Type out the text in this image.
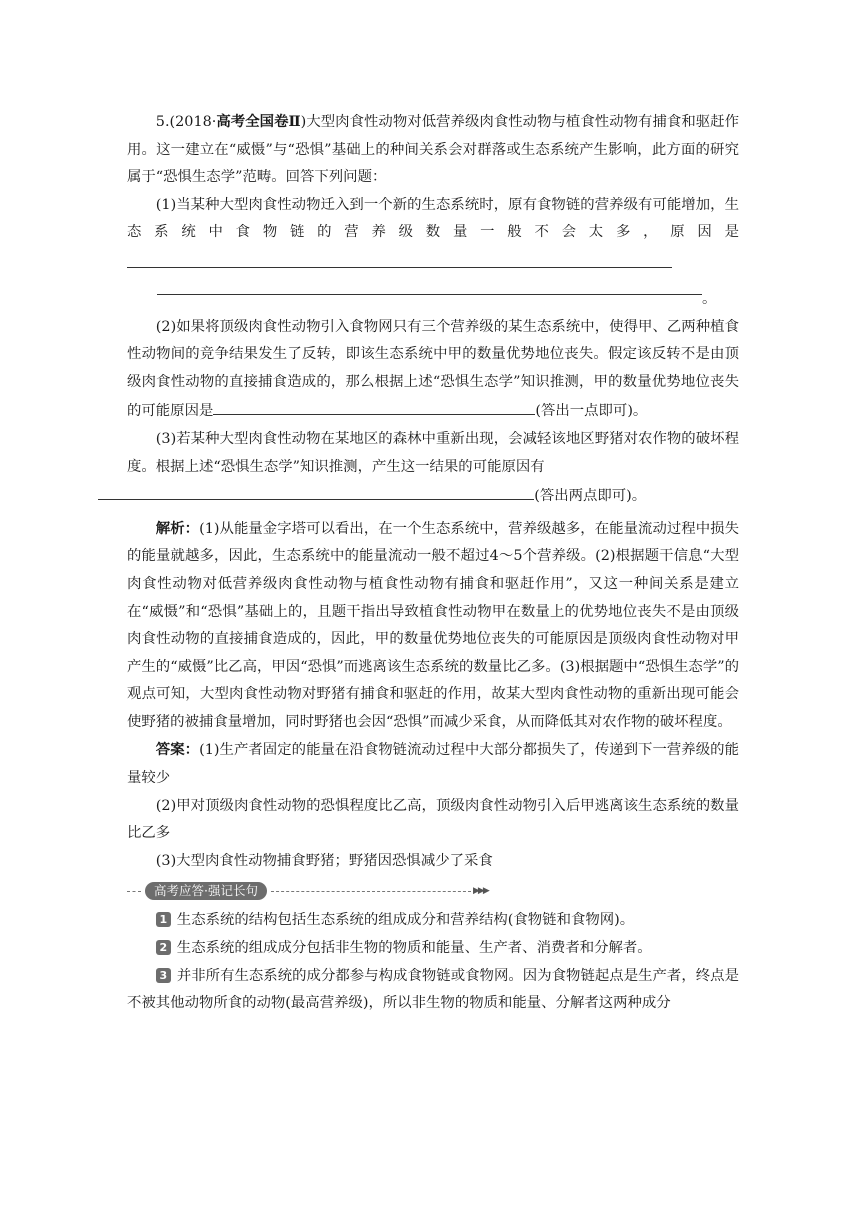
5.(2018·高考全国卷Ⅱ)大型肉食性动物对低营养级肉食性动物与植食性动物有捕食和驱赶作用。这一建立在“威慑”与“恐惧”基础上的种间关系会对群落或生态系统产生影响，此方面的研究属于“恐惧生态学”范畴。回答下列问题：

(1)当某种大型肉食性动物迁入到一个新的生态系统时，原有食物链的营养级有可能增加，生态系统中食物链的营养级数量一般不会太多，原因是

。

(2)如果将顶级肉食性动物引入食物网只有三个营养级的某生态系统中，使得甲、乙两种植食性动物间的竞争结果发生了反转，即该生态系统中甲的数量优势地位丧失。假定该反转不是由顶级肉食性动物的直接捕食造成的，那么根据上述“恐惧生态学”知识推测，甲的数量优势地位丧失的可能原因是	(答出一点即可)。

(3)若某种大型肉食性动物在某地区的森林中重新出现，会减轻该地区野猪对农作物的破坏程度。根据上述“恐惧生态学”知识推测，产生这一结果的可能原因有
(答出两点即可)。

解析：(1)从能量金字塔可以看出，在一个生态系统中，营养级越多，在能量流动过程中损失的能量就越多，因此，生态系统中的能量流动一般不超过4～5个营养级。(2)根据题干信息“大型肉食性动物对低营养级肉食性动物与植食性动物有捕食和驱赶作用”，又这一种间关系是建立在“威慑”和“恐惧”基础上的，且题干指出导致植食性动物甲在数量上的优势地位丧失不是由顶级肉食性动物的直接捕食造成的，因此，甲的数量优势地位丧失的可能原因是顶级肉食性动物对甲产生的“威慑”比乙高，甲因“恐惧”而逃离该生态系统的数量比乙多。(3)根据题中“恐惧生态学”的观点可知，大型肉食性动物对野猪有捕食和驱赶的作用，故某大型肉食性动物的重新出现可能会使野猪的被捕食量增加，同时野猪也会因“恐惧”而减少采食，从而降低其对农作物的破坏程度。

答案：(1)生产者固定的能量在沿食物链流动过程中大部分都损失了，传递到下一营养级的能量较少

(2)甲对顶级肉食性动物的恐惧程度比乙高，顶级肉食性动物引入后甲逃离该生态系统的数量比乙多

(3)大型肉食性动物捕食野猪；野猪因恐惧减少了采食

高考应答·强记长句	▶▶▶

1 生态系统的结构包括生态系统的组成成分和营养结构(食物链和食物网)。

2 生态系统的组成成分包括非生物的物质和能量、生产者、消费者和分解者。

3 并非所有生态系统的成分都参与构成食物链或食物网。因为食物链起点是生产者，终点是不被其他动物所食的动物(最高营养级)，所以非生物的物质和能量、分解者这两种成分
